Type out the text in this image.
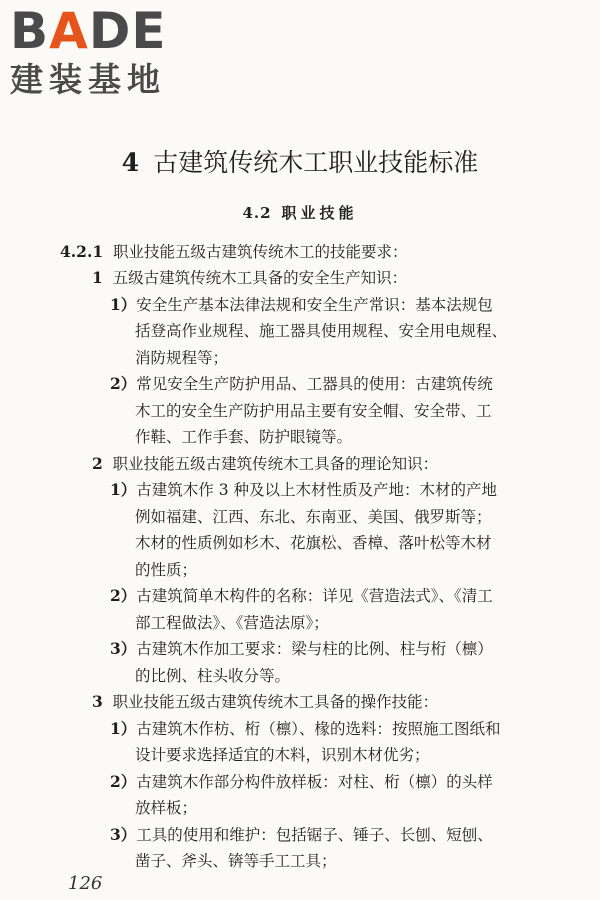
BADE
建装基地
4 古建筑传统木工职业技能标准
4.2 职业技能
4.2.1 职业技能五级古建筑传统木工的技能要求：
1 五级古建筑传统木工具备的安全生产知识：
1）安全生产基本法律法规和安全生产常识：基本法规包
括登高作业规程、施工器具使用规程、安全用电规程、
消防规程等；
2）常见安全生产防护用品、工器具的使用：古建筑传统
木工的安全生产防护用品主要有安全帽、安全带、工
作鞋、工作手套、防护眼镜等。
2 职业技能五级古建筑传统木工具备的理论知识：
1）古建筑木作 3 种及以上木材性质及产地：木材的产地
例如福建、江西、东北、东南亚、美国、俄罗斯等；
木材的性质例如杉木、花旗松、香樟、落叶松等木材
的性质；
2）古建筑简单木构件的名称：详见《营造法式》、《清工
部工程做法》、《营造法原》；
3）古建筑木作加工要求：梁与柱的比例、柱与桁（檩）
的比例、柱头收分等。
3 职业技能五级古建筑传统木工具备的操作技能：
1）古建筑木作枋、桁（檩）、椽的选料：按照施工图纸和
设计要求选择适宜的木料，识别木材优劣；
2）古建筑木作部分构件放样板：对柱、桁（檩）的头样
放样板；
3）工具的使用和维护：包括锯子、锤子、长刨、短刨、
凿子、斧头、锛等手工工具；
126
